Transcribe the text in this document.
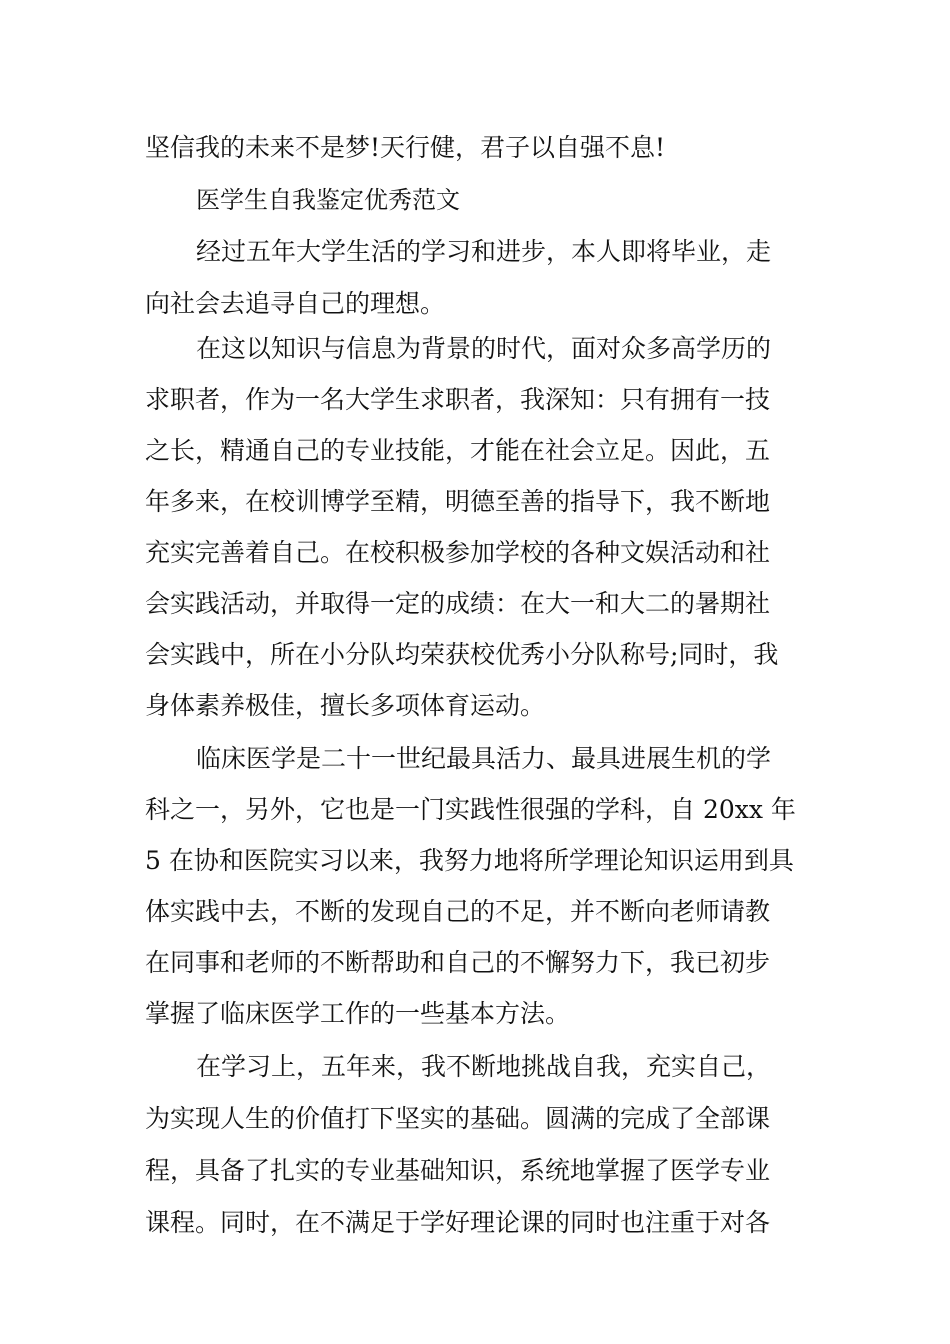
坚信我的未来不是梦!天行健，君子以自强不息!
医学生自我鉴定优秀范文
经过五年大学生活的学习和进步，本人即将毕业，走
向社会去追寻自己的理想。
在这以知识与信息为背景的时代，面对众多高学历的
求职者，作为一名大学生求职者，我深知：只有拥有一技
之长，精通自己的专业技能，才能在社会立足。因此，五
年多来，在校训博学至精，明德至善的指导下，我不断地
充实完善着自己。在校积极参加学校的各种文娱活动和社
会实践活动，并取得一定的成绩：在大一和大二的暑期社
会实践中，所在小分队均荣获校优秀小分队称号;同时，我
身体素养极佳，擅长多项体育运动。
临床医学是二十一世纪最具活力、最具进展生机的学
科之一，另外，它也是一门实践性很强的学科，自 20xx 年
5 在协和医院实习以来，我努力地将所学理论知识运用到具
体实践中去，不断的发现自己的不足，并不断向老师请教
在同事和老师的不断帮助和自己的不懈努力下，我已初步
掌握了临床医学工作的一些基本方法。
在学习上，五年来，我不断地挑战自我，充实自己，
为实现人生的价值打下坚实的基础。圆满的完成了全部课
程，具备了扎实的专业基础知识，系统地掌握了医学专业
课程。同时，在不满足于学好理论课的同时也注重于对各
